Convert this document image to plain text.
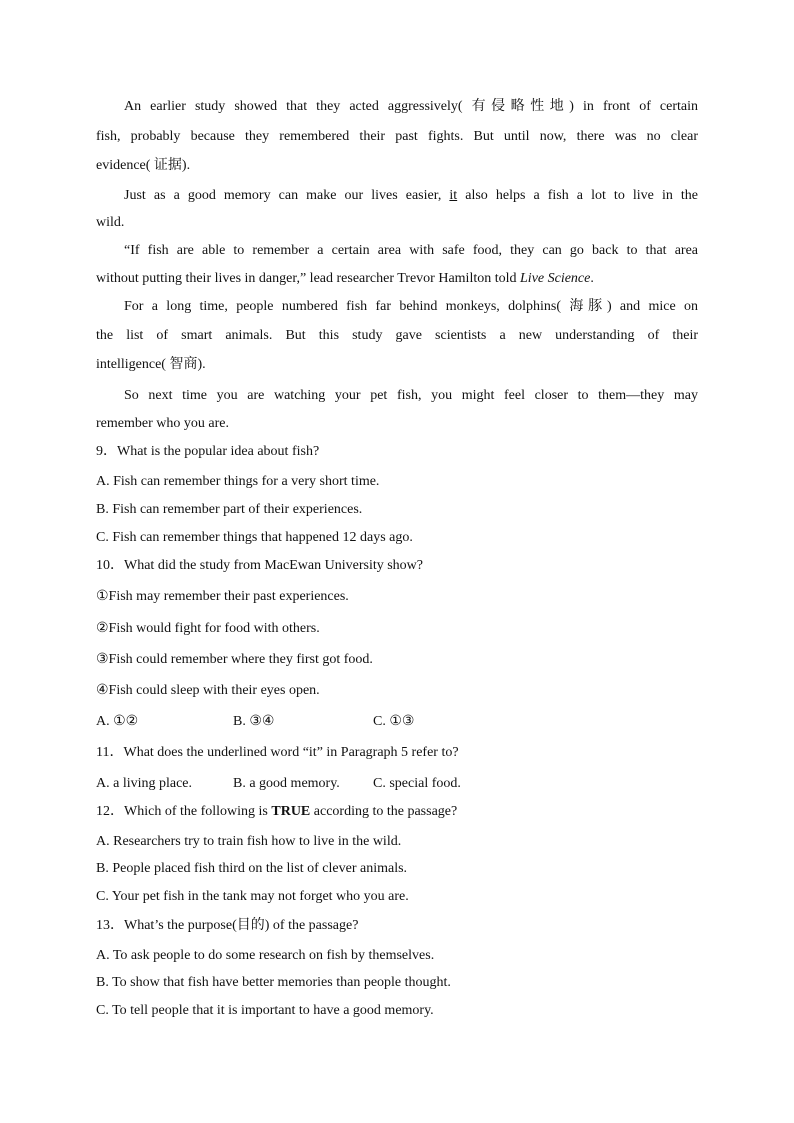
An earlier study showed that they acted aggressively( 有侵略性地) in front of certain
fish, probably because they remembered their past fights. But until now, there was no clear
evidence( 证据).
Just as a good memory can make our lives easier, it also helps a fish a lot to live in the
wild.
“If fish are able to remember a certain area with safe food, they can go back to that area
without putting their lives in danger,” lead researcher Trevor Hamilton told Live Science.
For a long time, people numbered fish far behind monkeys, dolphins( 海豚) and mice on
the list of smart animals. But this study gave scientists a new understanding of their
intelligence( 智商).
So next time you are watching your pet fish, you might feel closer to them—they may
remember who you are.
9．What is the popular idea about fish?
A. Fish can remember things for a very short time.
B. Fish can remember part of their experiences.
C. Fish can remember things that happened 12 days ago.
10．What did the study from MacEwan University show?
①Fish may remember their past experiences.
②Fish would fight for food with others.
③Fish could remember where they first got food.
④Fish could sleep with their eyes open.
A. ①②	B. ③④	C. ①③
11．What does the underlined word “it” in Paragraph 5 refer to?
A. a living place.	B. a good memory. C. special food.
12．Which of the following is TRUE according to the passage?
A. Researchers try to train fish how to live in the wild.
B. People placed fish third on the list of clever animals.
C. Your pet fish in the tank may not forget who you are.
13．What’s the purpose(目的) of the passage?
A. To ask people to do some research on fish by themselves.
B. To show that fish have better memories than people thought.
C. To tell people that it is important to have a good memory.
